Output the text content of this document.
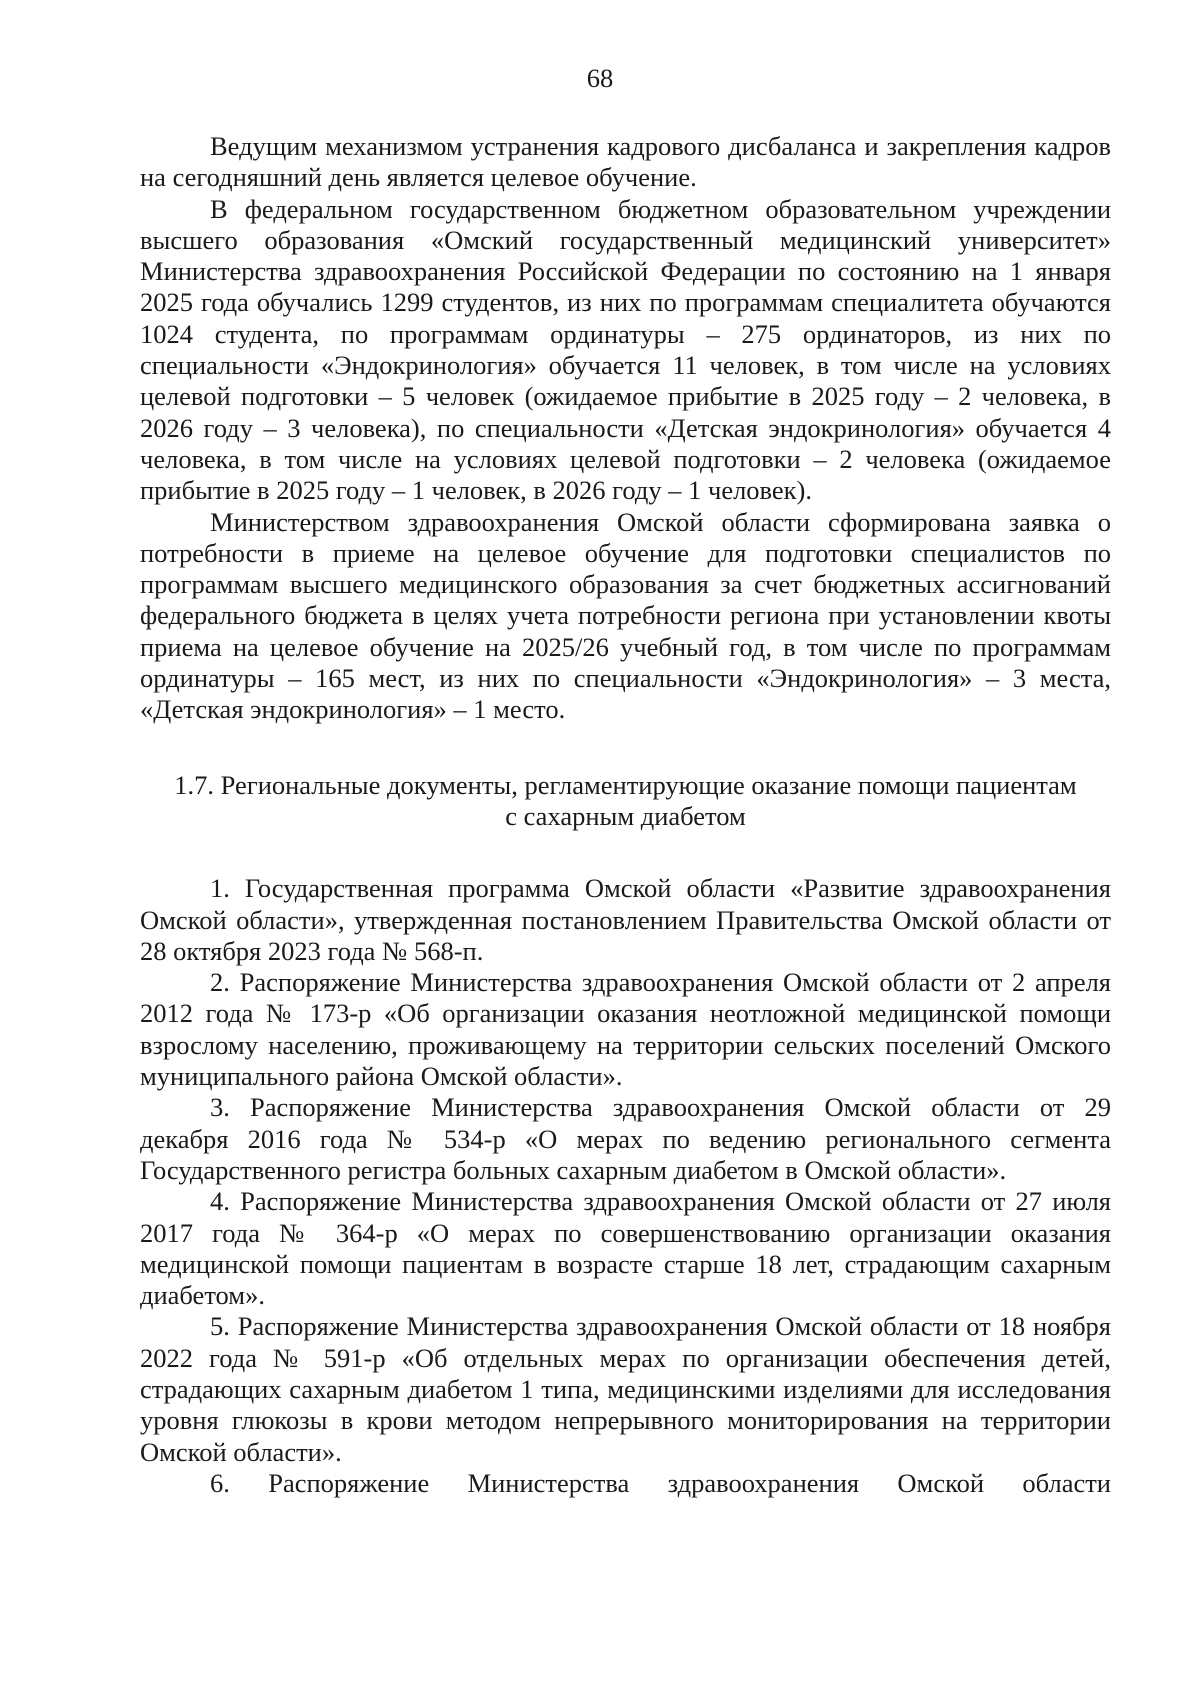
68

Ведущим механизмом устранения кадрового дисбаланса и закрепления кадров на сегодняшний день является целевое обучение.

В федеральном государственном бюджетном образовательном учреждении высшего образования «Омский государственный медицинский университет» Министерства здравоохранения Российской Федерации по состоянию на 1 января 2025 года обучались 1299 студентов, из них по программам специалитета обучаются 1024 студента, по программам ординатуры – 275 ординаторов, из них по специальности «Эндокринология» обучается 11 человек, в том числе на условиях целевой подготовки – 5 человек (ожидаемое прибытие в 2025 году – 2 человека, в 2026 году – 3 человека), по специальности «Детская эндокринология» обучается 4 человека, в том числе на условиях целевой подготовки – 2 человека (ожидаемое прибытие в 2025 году – 1 человек, в 2026 году – 1 человек).

Министерством здравоохранения Омской области сформирована заявка о потребности в приеме на целевое обучение для подготовки специалистов по программам высшего медицинского образования за счет бюджетных ассигнований федерального бюджета в целях учета потребности региона при установлении квоты приема на целевое обучение на 2025/26 учебный год, в том числе по программам ординатуры – 165 мест, из них по специальности «Эндокринология» – 3 места, «Детская эндокринология» – 1 место.

1.7. Региональные документы, регламентирующие оказание помощи пациентам
с сахарным диабетом

1. Государственная программа Омской области «Развитие здравоохранения Омской области», утвержденная постановлением Правительства Омской области от 28 октября 2023 года № 568-п.

2. Распоряжение Министерства здравоохранения Омской области от 2 апреля 2012 года № 173-р «Об организации оказания неотложной медицинской помощи взрослому населению, проживающему на территории сельских поселений Омского муниципального района Омской области».

3. Распоряжение Министерства здравоохранения Омской области от 29 декабря 2016 года № 534-р «О мерах по ведению регионального сегмента Государственного регистра больных сахарным диабетом в Омской области».

4. Распоряжение Министерства здравоохранения Омской области от 27 июля 2017 года № 364-р «О мерах по совершенствованию организации оказания медицинской помощи пациентам в возрасте старше 18 лет, страдающим сахарным диабетом».

5. Распоряжение Министерства здравоохранения Омской области от 18 ноября 2022 года № 591-р «Об отдельных мерах по организации обеспечения детей, страдающих сахарным диабетом 1 типа, медицинскими изделиями для исследования уровня глюкозы в крови методом непрерывного мониторирования на территории Омской области».

6. Распоряжение Министерства здравоохранения Омской области
